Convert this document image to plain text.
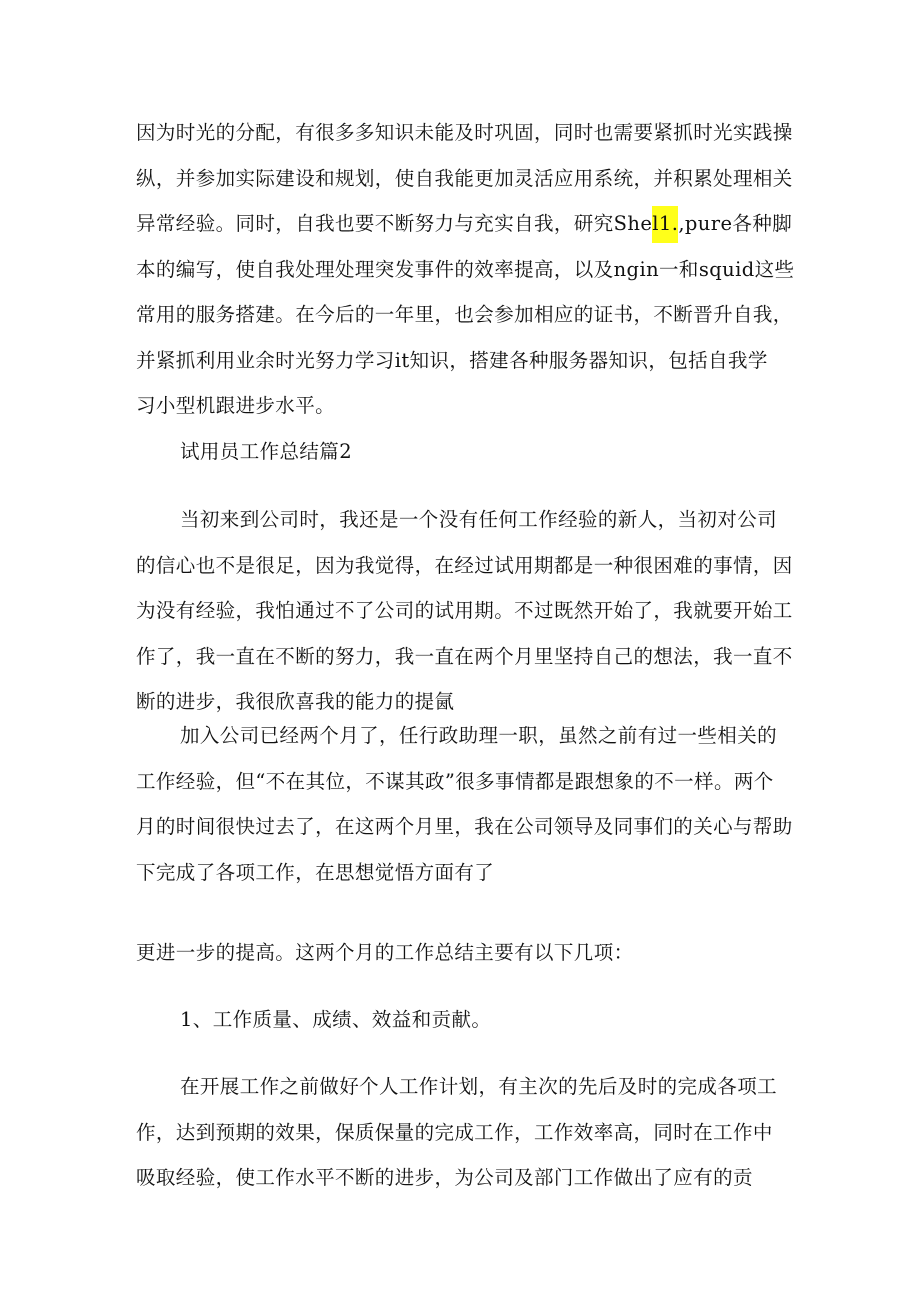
因为时光的分配，有很多多知识未能及时巩固，同时也需要紧抓时光实践操
纵，并参加实际建设和规划，使自我能更加灵活应用系统，并积累处理相关
异常经验。同时，自我也要不断努力与充实自我，研究Shel1.,pure各种脚
本的编写，使自我处理处理突发事件的效率提高，以及ngin一和squid这些
常用的服务搭建。在今后的一年里，也会参加相应的证书，不断晋升自我，
并紧抓利用业余时光努力学习it知识，搭建各种服务器知识，包括自我学
习小型机跟进步水平。
试用员工作总结篇2
当初来到公司时，我还是一个没有任何工作经验的新人，当初对公司
的信心也不是很足，因为我觉得，在经过试用期都是一种很困难的事情，因
为没有经验，我怕通过不了公司的试用期。不过既然开始了，我就要开始工
作了，我一直在不断的努力，我一直在两个月里坚持自己的想法，我一直不
断的进步，我很欣喜我的能力的提氤
加入公司已经两个月了，任行政助理一职，虽然之前有过一些相关的
工作经验，但“不在其位，不谋其政”很多事情都是跟想象的不一样。两个
月的时间很快过去了，在这两个月里，我在公司领导及同事们的关心与帮助
下完成了各项工作，在思想觉悟方面有了
更进一步的提高。这两个月的工作总结主要有以下几项：
1、工作质量、成绩、效益和贡献。
在开展工作之前做好个人工作计划，有主次的先后及时的完成各项工
作，达到预期的效果，保质保量的完成工作，工作效率高，同时在工作中
吸取经验，使工作水平不断的进步，为公司及部门工作做出了应有的贡
